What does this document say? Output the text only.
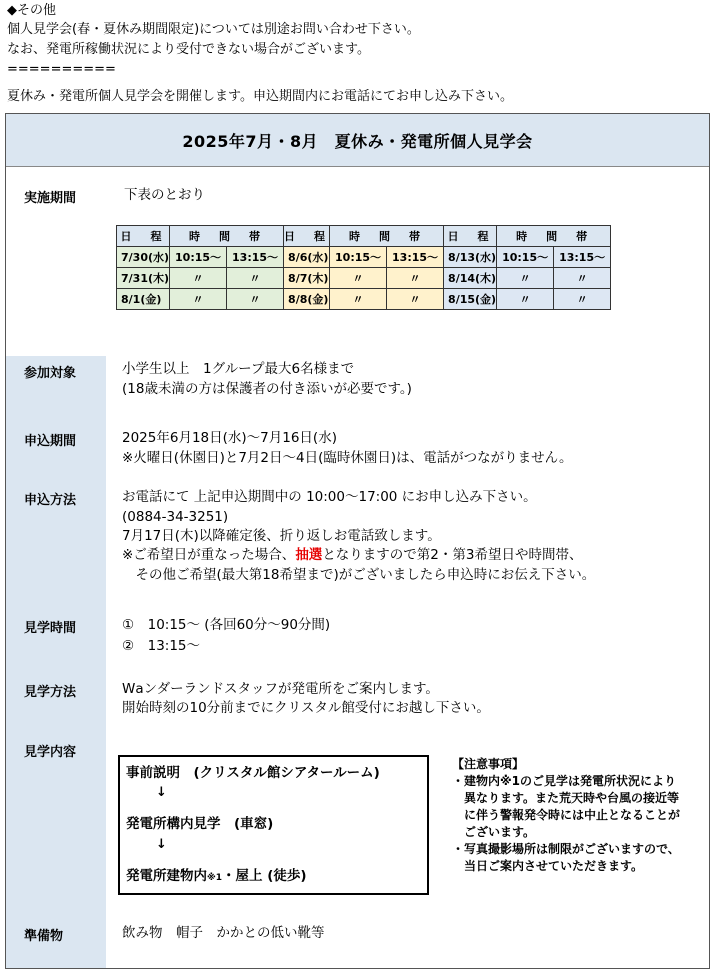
◆その他
個人見学会(春・夏休み期間限定)については別途お問い合わせ下さい。
なお、発電所稼働状況により受付できない場合がございます。
==========
夏休み・発電所個人見学会を開催します。申込期間内にお電話にてお申し込み下さい。
2025年7月・8月　夏休み・発電所個人見学会
実施期間	下表のとおり
日　程	時　間　帯		日　程	時　間　帯		日　程	時　間　帯	
7/30(水)	10:15～	13:15～	8/6(水)	10:15～	13:15～	8/13(水)	10:15～	13:15～
7/31(木)	〃	〃	8/7(木)	〃	〃	8/14(木)	〃	〃
8/1(金)	〃	〃	8/8(金)	〃	〃	8/15(金)	〃	〃
参加対象	小学生以上　1グループ最大6名様まで
(18歳未満の方は保護者の付き添いが必要です。)
申込期間	2025年6月18日(水)～7月16日(水)
※火曜日(休園日)と7月2日～4日(臨時休園日)は、電話がつながりません。
申込方法	お電話にて 上記申込期間中の 10:00～17:00 にお申し込み下さい。
(0884-34-3251)
7月17日(木)以降確定後、折り返しお電話致します。
※ご希望日が重なった場合、抽選となりますので第2・第3希望日や時間帯、
　その他ご希望(最大第18希望まで)がございましたら申込時にお伝え下さい。
見学時間	①　10:15～ (各回60分～90分間)
②　13:15～
見学方法	Wаンダーランドスタッフが発電所をご案内します。
開始時刻の10分前までにクリスタル館受付にお越し下さい。
見学内容
事前説明　(クリスタル館シアタールーム)
↓
発電所構内見学　(車窓)
↓
発電所建物内※1・屋上 (徒歩)
【注意事項】
・建物内※1のご見学は発電所状況により
　異なります。また荒天時や台風の接近等
　に伴う警報発令時には中止となることが
　ございます。
・写真撮影場所は制限がございますので、
　当日ご案内させていただきます。
準備物	飲み物　帽子　かかとの低い靴等
